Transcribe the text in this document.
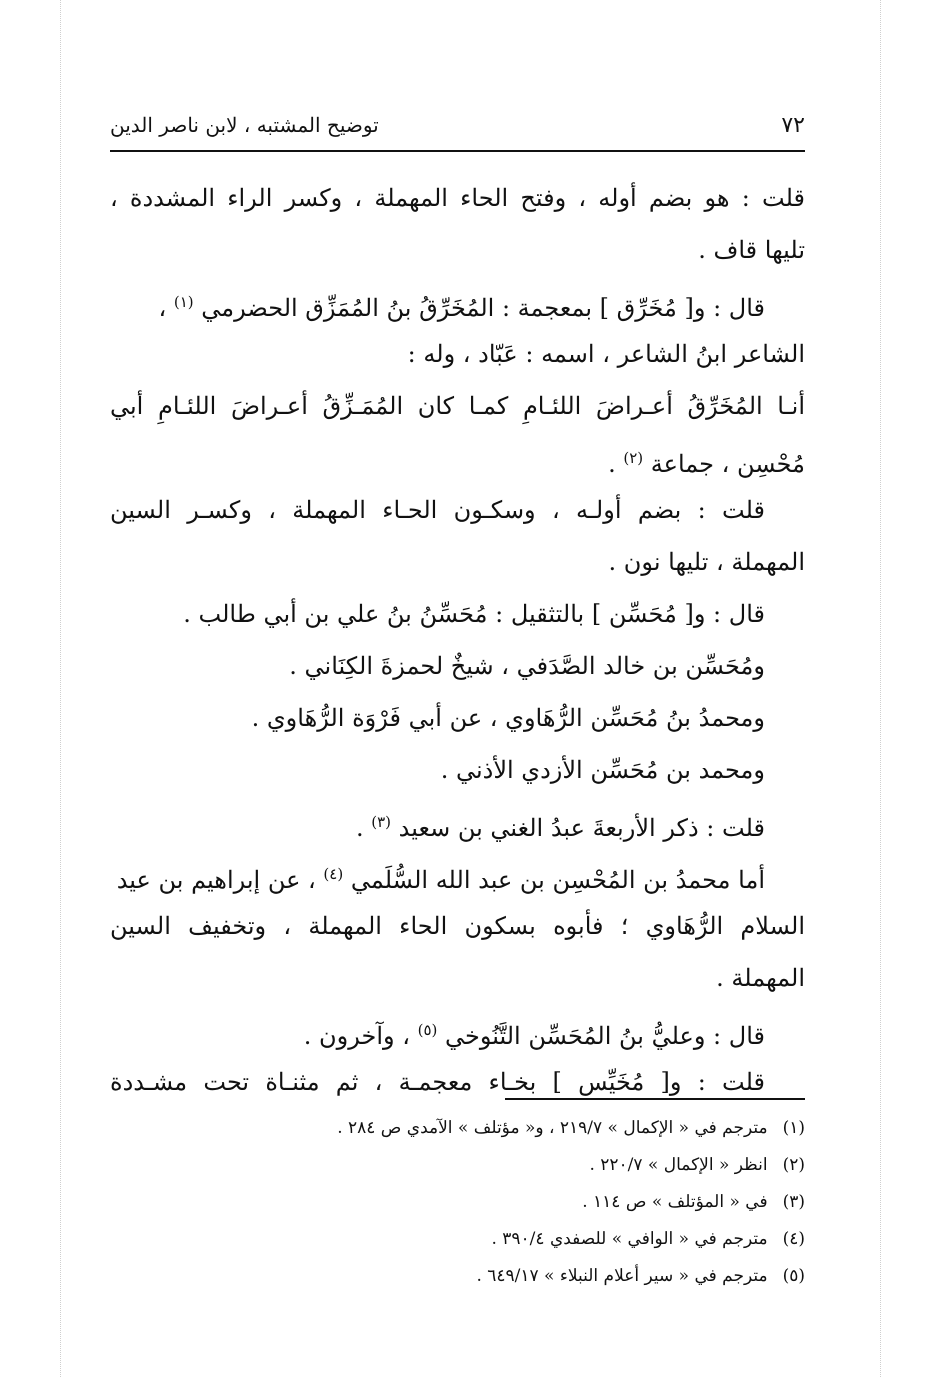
٧٢
توضيح المشتبه ، لابن ناصر الدين

قلت : هو بضم أوله ، وفتح الحاء المهملة ، وكسر الراء المشددة ،

تليها قاف .

قال : و[ مُخَرِّق ] بمعجمة : المُخَرِّقُ بنُ المُمَزِّق الحضرمي $^{(١)}$ ،

الشاعر ابنُ الشاعر ، اسمه : عَبّاد ، وله :

أنـا المُخَرِّقُ أعـراضَ اللئـامِ كمـا كان المُمَـزِّقُ أعـراضَ اللئـامِ أبي

مُحْسِن ، جماعة $^{(٢)}$ .

قلت : بضم أولـه ، وسكـون الحـاء المهملة ، وكسـر السين

المهملة ، تليها نون .

قال : و[ مُحَسِّن ] بالتثقيل : مُحَسِّنُ بنُ علي بن أبي طالب .

ومُحَسِّن بن خالد الصَّدَفي ، شيخٌ لحمزةَ الكِنَاني .

ومحمدُ بنُ مُحَسِّن الرُّهَاوي ، عن أبي فَرْوَة الرُّهَاوي .

ومحمد بن مُحَسِّن الأزدي الأذني .

قلت : ذكر الأربعةَ عبدُ الغني بن سعيد $^{(٣)}$ .

أما محمدُ بن المُحْسِن بن عبد الله السُّلَمي $^{(٤)}$ ، عن إبراهيم بن عيد

السلام الرُّهَاوي ؛ فأبوه بسكون الحاء المهملة ، وتخفيف السين

المهملة .

قال : وعليُّ بنُ المُحَسِّن التَّنُوخي $^{(٥)}$ ، وآخرون .

قلت : و[ مُخَيِّس ] بخـاء معجمـة ، ثم مثنـاة تحت مشـددة

(١) مترجم في « الإكمال » ٢١٩/٧ ، و« مؤتلف » الآمدي ص ٢٨٤ .
(٢) انظر « الإكمال » ٢٢٠/٧ .
(٣) في « المؤتلف » ص ١١٤ .
(٤) مترجم في « الوافي » للصفدي ٣٩٠/٤ .
(٥) مترجم في « سير أعلام النبلاء » ٦٤٩/١٧ .
